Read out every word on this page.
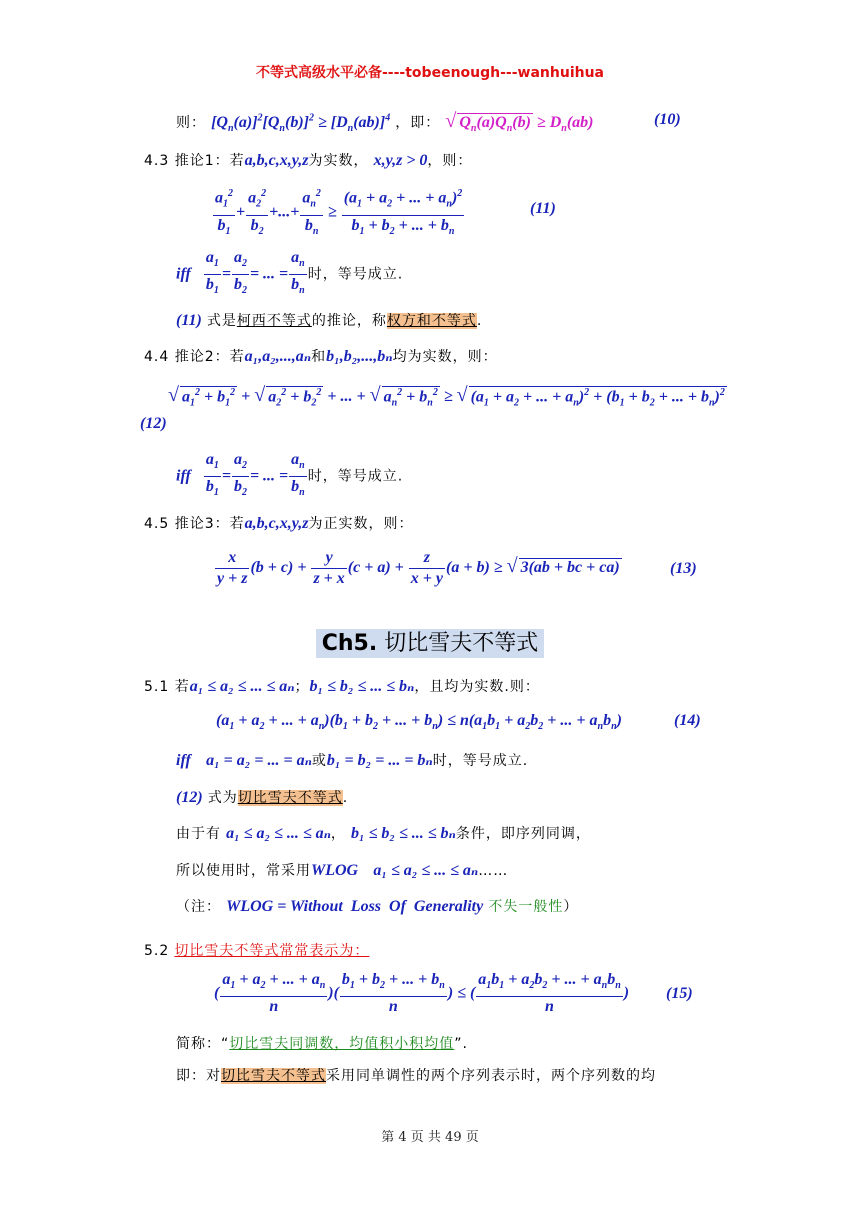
不等式高级水平必备----tobeenough---wanhuihua
则： $[Q_n(a)]^2[Q_n(b)]^2 \ge [D_n(ab)]^4$ ，即： √ $Q_n(a)Q_n(b) \ge D_n(ab)$	(10)
4.3 推论1：若a,b,c,x,y,z为实数， x,y,z > 0，则：
$\frac{a_1^2}{b_1} + \frac{a_2^2}{b_2}$ +...+ $\frac{a_n^2}{b_n} \ge \frac{(a_1 + a_2 + ... + a_n)^2}{b_1 + b_2 + ... + b_n}$	(11)
iff $\frac{a_1}{b_1} = \frac{a_2}{b_2}$ = ... = $\frac{a_n}{b_n}$ 时，等号成立.
(11) 式是柯西不等式的推论，称权方和不等式.
4.4 推论2：若a₁,a₂,...,aₙ和b₁,b₂,...,bₙ均为实数，则：
√ $a_1^2 + b_1^2$ + √ $a_2^2 + b_2^2$ + ... + √ $a_n^2 + b_n^2$ ≥ √ ($a_1 + a_2$ + ... + $a_n)^2 + (b_1 + b_2$ + ... + $b_n)^2$
(12)
iff $\frac{a_1}{b_1} = \frac{a_2}{b_2}$ = ... = $\frac{a_n}{b_n}$ 时，等号成立.
4.5 推论3：若a,b,c,x,y,z为正实数，则：
$\frac{x}{y + z} (b + c) + \frac{y}{z + x} (c + a) + \frac{z}{x + y} (a + b)$ ≥ √ 3(ab + bc + ca)	(13)
Ch5. 切比雪夫不等式
5.1 若a₁ ≤ a₂ ≤ ... ≤ aₙ；b₁ ≤ b₂ ≤ ... ≤ bₙ，且均为实数.则：
($a_1 + a_2$ + ... + $a_n)(b_1 + b_2$ + ... + $b_n) \le n(a_1b_1 + a_2b_2$ + ... + $a_nb_n$)	(14)
iff a₁ = a₂ = ... = aₙ或b₁ = b₂ = ... = bₙ时，等号成立.
(12) 式为切比雪夫不等式.
由于有 a₁ ≤ a₂ ≤ ... ≤ aₙ， b₁ ≤ b₂ ≤ ... ≤ bₙ条件，即序列同调，
所以使用时，常采用WLOG a₁ ≤ a₂ ≤ ... ≤ aₙ……
（注： WLOG = Without  Loss  Of  Generality 不失一般性）
5.2 切比雪夫不等式常常表示为：
( $\frac{a_1 + a_2 + ... + a_n}{n}$ )( $\frac{b_1 + b_2 + ... + b_n}{n}$ ) ≤ ( $\frac{a_1b_1 + a_2b_2 + ... + a_nb_n}{n}$ ) (15)
简称：“切比雪夫同调数，均值积小积均值”.
即：对切比雪夫不等式采用同单调性的两个序列表示时，两个序列数的均
第 4 页 共 49 页
